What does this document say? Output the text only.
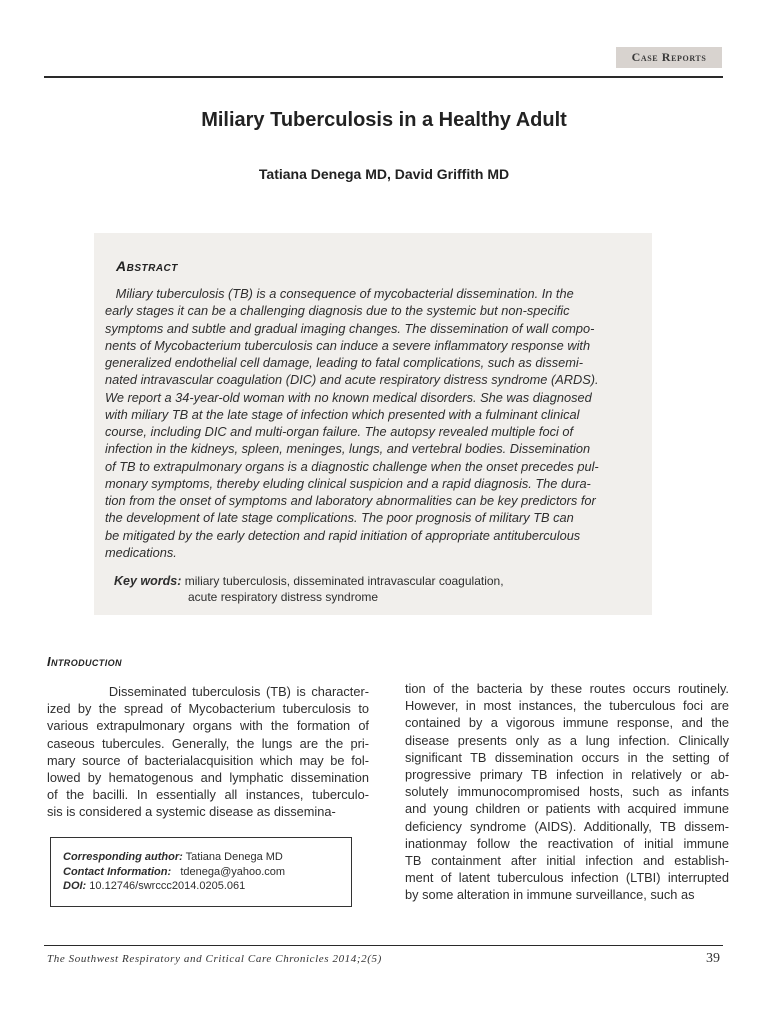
Case Reports
Miliary Tuberculosis in a Healthy Adult
Tatiana Denega MD, David Griffith MD
Abstract
Miliary tuberculosis (TB) is a consequence of mycobacterial dissemination. In the
early stages it can be a challenging diagnosis due to the systemic but non-specific
symptoms and subtle and gradual imaging changes. The dissemination of wall compo-
nents of Mycobacterium tuberculosis can induce a severe inflammatory response with
generalized endothelial cell damage, leading to fatal complications, such as dissemi-
nated intravascular coagulation (DIC) and acute respiratory distress syndrome (ARDS).
We report a 34-year-old woman with no known medical disorders. She was diagnosed
with miliary TB at the late stage of infection which presented with a fulminant clinical
course, including DIC and multi-organ failure. The autopsy revealed multiple foci of
infection in the kidneys, spleen, meninges, lungs, and vertebral bodies. Dissemination
of TB to extrapulmonary organs is a diagnostic challenge when the onset precedes pul-
monary symptoms, thereby eluding clinical suspicion and a rapid diagnosis. The dura-
tion from the onset of symptoms and laboratory abnormalities can be key predictors for
the development of late stage complications. The poor prognosis of military TB can
be mitigated by the early detection and rapid initiation of appropriate antituberculous
medications.
Key words: miliary tuberculosis, disseminated intravascular coagulation,
acute respiratory distress syndrome
Introduction
Disseminated tuberculosis (TB) is character-
ized by the spread of Mycobacterium tuberculosis to
various extrapulmonary organs with the formation of
caseous tubercules. Generally, the lungs are the pri-
mary source of bacterialacquisition which may be fol-
lowed by hematogenous and lymphatic dissemination
of the bacilli. In essentially all instances, tuberculo-
sis is considered a systemic disease as dissemina-
tion of the bacteria by these routes occurs routinely.
However, in most instances, the tuberculous foci are
contained by a vigorous immune response, and the
disease presents only as a lung infection. Clinically
significant TB dissemination occurs in the setting of
progressive primary TB infection in relatively or ab-
solutely immunocompromised hosts, such as infants
and young children or patients with acquired immune
deficiency syndrome (AIDS). Additionally, TB dissem-
inationmay follow the reactivation of initial immune
TB containment after initial infection and establish-
ment of latent tuberculous infection (LTBI) interrupted
by some alteration in immune surveillance, such as
Corresponding author: Tatiana Denega MD
Contact Information: tdenega@yahoo.com
DOI: 10.12746/swrccc2014.0205.061
The Southwest Respiratory and Critical Care Chronicles 2014;2(5)	39
